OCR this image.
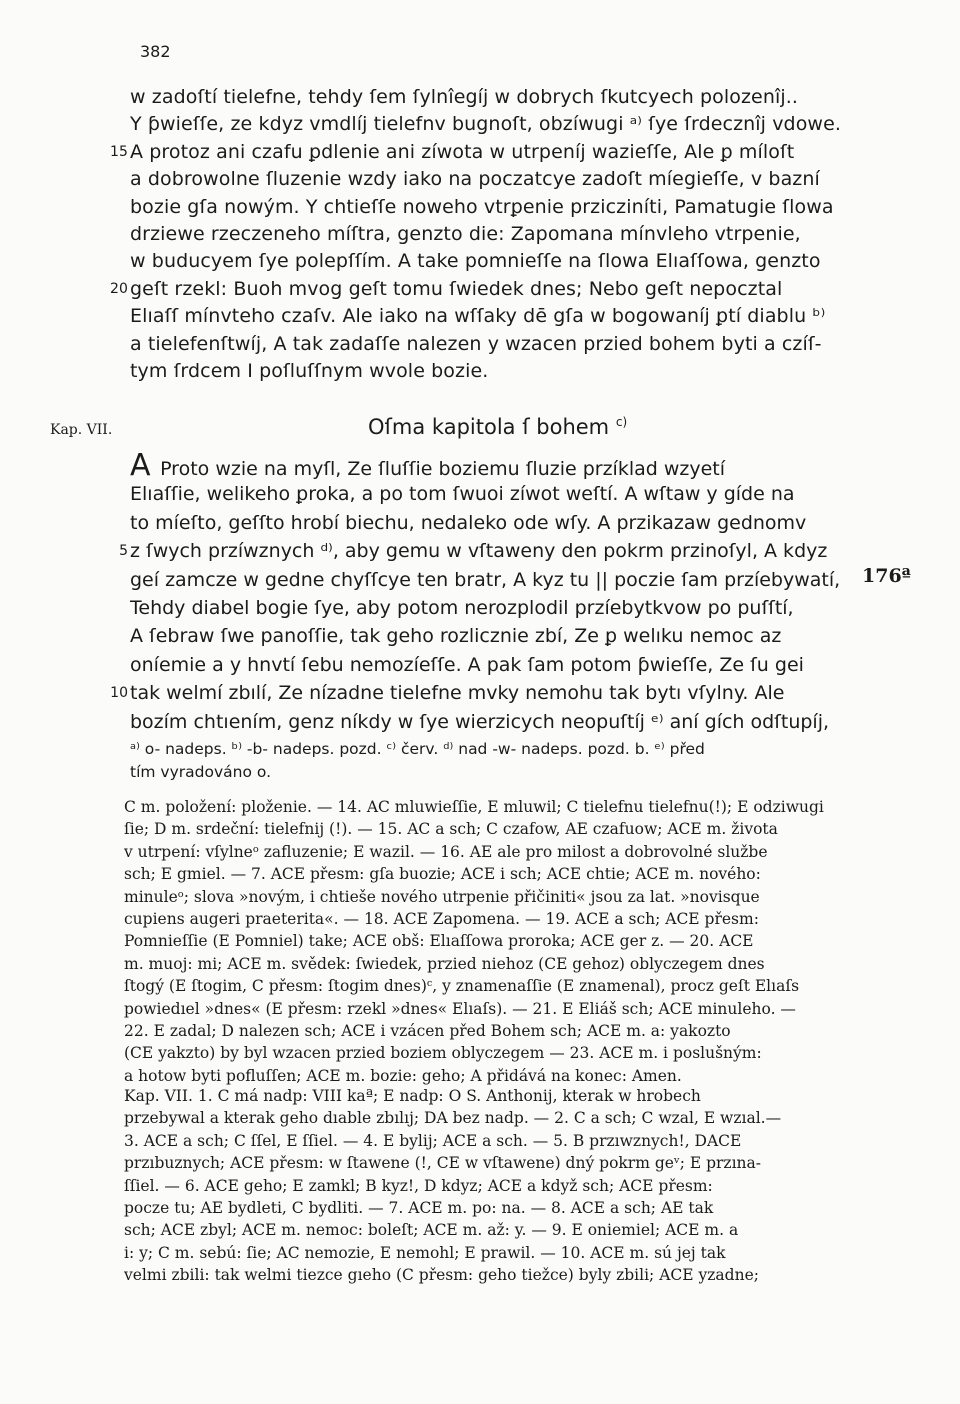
382
w zadoſtí tielefne, tehdy ſem ſylnîegíj w dobrych ſkutcyech polozenîj..
Y ƥwieſſe, ze kdyz vmdlíj tielefnv bugnoſt, obzíwugi ᵃ⁾ ſye ſrdecznîj vdowe.
15 A protoz ani czafu ꝑdlenie ani zíwota w utrpeníj wazieſſe, Ale ꝑ míloſt
a dobrowolne ſluzenie wzdy iako na poczatcye zadoſt míegieſſe, v bazní
bozie gſa nowým. Y chtieſſe noweho vtrꝑenie przicziníti, Pamatugie ſlowa
drziewe rzeczeneho míſtra, genzto die: Zapomana mínvleho vtrpenie,
w buducyem ſye polepſſím. A take pomnieſſe na ſlowa Elıaſſowa, genzto
20 geſt rzekl: Buoh mvog geſt tomu ſwiedek dnes; Nebo geſt nepocztal
Elıaſſ mínvteho czaſv. Ale iako na wſſaky dē gſa w bogowaníj ꝑtí diablu ᵇ⁾
a tielefenſtwíj, A tak zadaſſe nalezen y wzacen przied bohem byti a czíſ-
tym ſrdcem I poſluſſnym wvole bozie.
Kap. VII.	Oſma kapitola ſ bohem $^{c)}$
A Proto wzie na myſl, Ze ſluſſie boziemu ſluzie przíklad wzyetí
Elıaſſie, welikeho ꝑroka, a po tom ſwuoi zíwot weſtí. A wſtaw y gíde na
to míeſto, geſſto hrobí biechu, nedaleko ode wſy. A przikazaw gednomv
5 z ſwych przíwznych ᵈ⁾, aby gemu w vſtaweny den pokrm przinoſyl, A kdyz
geí zamcze w gedne chyſſcye ten bratr, A kyz tu || poczie ſam przíebywatí,
Tehdy diabel bogie ſye, aby potom nerozplodil przíebytkvow po puſſtí,
A ſebraw ſwe panoſſie, tak geho rozlicznie zbí, Ze ꝑ welıku nemoc az
oníemie a y hnvtí ſebu nemozíeſſe. A pak ſam potom ƥwieſſe, Ze ſu gei
10 tak welmí zbılí, Ze nízadne tielefne mvky nemohu tak bytı vſylny. Ale
bozím chtıením, genz níkdy w ſye wierzicych neopuſtíj ᵉ⁾ aní gích odſtupíj,
176ª
ᵃ⁾ o- nadeps. ᵇ⁾ -b- nadeps. pozd. ᶜ⁾ červ. ᵈ⁾ nad -w- nadeps. pozd. b. ᵉ⁾ před
tím vyradováno o.
C m. položení: ploženie. — 14. AC mluwieſſie, E mluwil; C tielefnu tielefnu(!); E odziwugi
ſie; D m. srdeční: tielefnij (!). — 15. AC a sch; C czafow, AE czafuow; ACE m. života
v utrpení: vſylneᵒ zafluzenie; E wazil. — 16. AE ale pro milost a dobrovolné službe
sch; E gmiel. — 7. ACE přesm: gſa buozie; ACE i sch; ACE chtie; ACE m. nového:
minuleᵒ; slova »novým, i chtieše nového utrpenie přičiniti« jsou za lat. »novisque
cupiens augeri praeterita«. — 18. ACE Zapomena. — 19. ACE a sch; ACE přesm:
Pomnieſſie (E Pomniel) take; ACE obš: Elıaſſowa proroka; ACE ger z. — 20. ACE
m. muoj: mi; ACE m. svědek: ſwiedek, przied niehoz (CE gehoz) oblyczegem dnes
ſtogý (E ſtogim, C přesm: ſtogim dnes)ᶜ, y znamenaſſie (E znamenal), procz geſt Elıaſs
powiedıel »dnes« (E přesm: rzekl »dnes« Elıaſs). — 21. E Eliáš sch; ACE minuleho. —
22. E zadal; D nalezen sch; ACE i vzácen před Bohem sch; ACE m. a: yakozto
(CE yakzto) by byl wzacen przied boziem oblyczegem — 23. ACE m. i poslušným:
a hotow byti pofluſſen; ACE m. bozie: geho; A přidává na konec: Amen.
Kap. VII. 1. C má nadp: VIII kaª; E nadp: O S. Anthonij, kterak w hrobech
przebywal a kterak geho dıable zbılıj; DA bez nadp. — 2. C a sch; C wzal, E wzıal.—
3. ACE a sch; C ſſel, E ſſiel. — 4. E bylij; ACE a sch. — 5. B przıwznych!, DACE
przıbuznych; ACE přesm: w ſtawene (!, CE w vſtawene) dný pokrm geᵛ; E przına-
ſſiel. — 6. ACE geho; E zamkl; B kyz!, D kdyz; ACE a když sch; ACE přesm:
pocze tu; AE bydleti, C bydliti. — 7. ACE m. po: na. — 8. ACE a sch; AE tak
sch; ACE zbyl; ACE m. nemoc: boleſt; ACE m. až: y. — 9. E oniemiel; ACE m. a
i: y; C m. sebú: ſie; AC nemozie, E nemohl; E prawil. — 10. ACE m. sú jej tak
velmi zbili: tak welmi tiezce gıeho (C přesm: geho tiežce) byly zbili; ACE yzadne;
